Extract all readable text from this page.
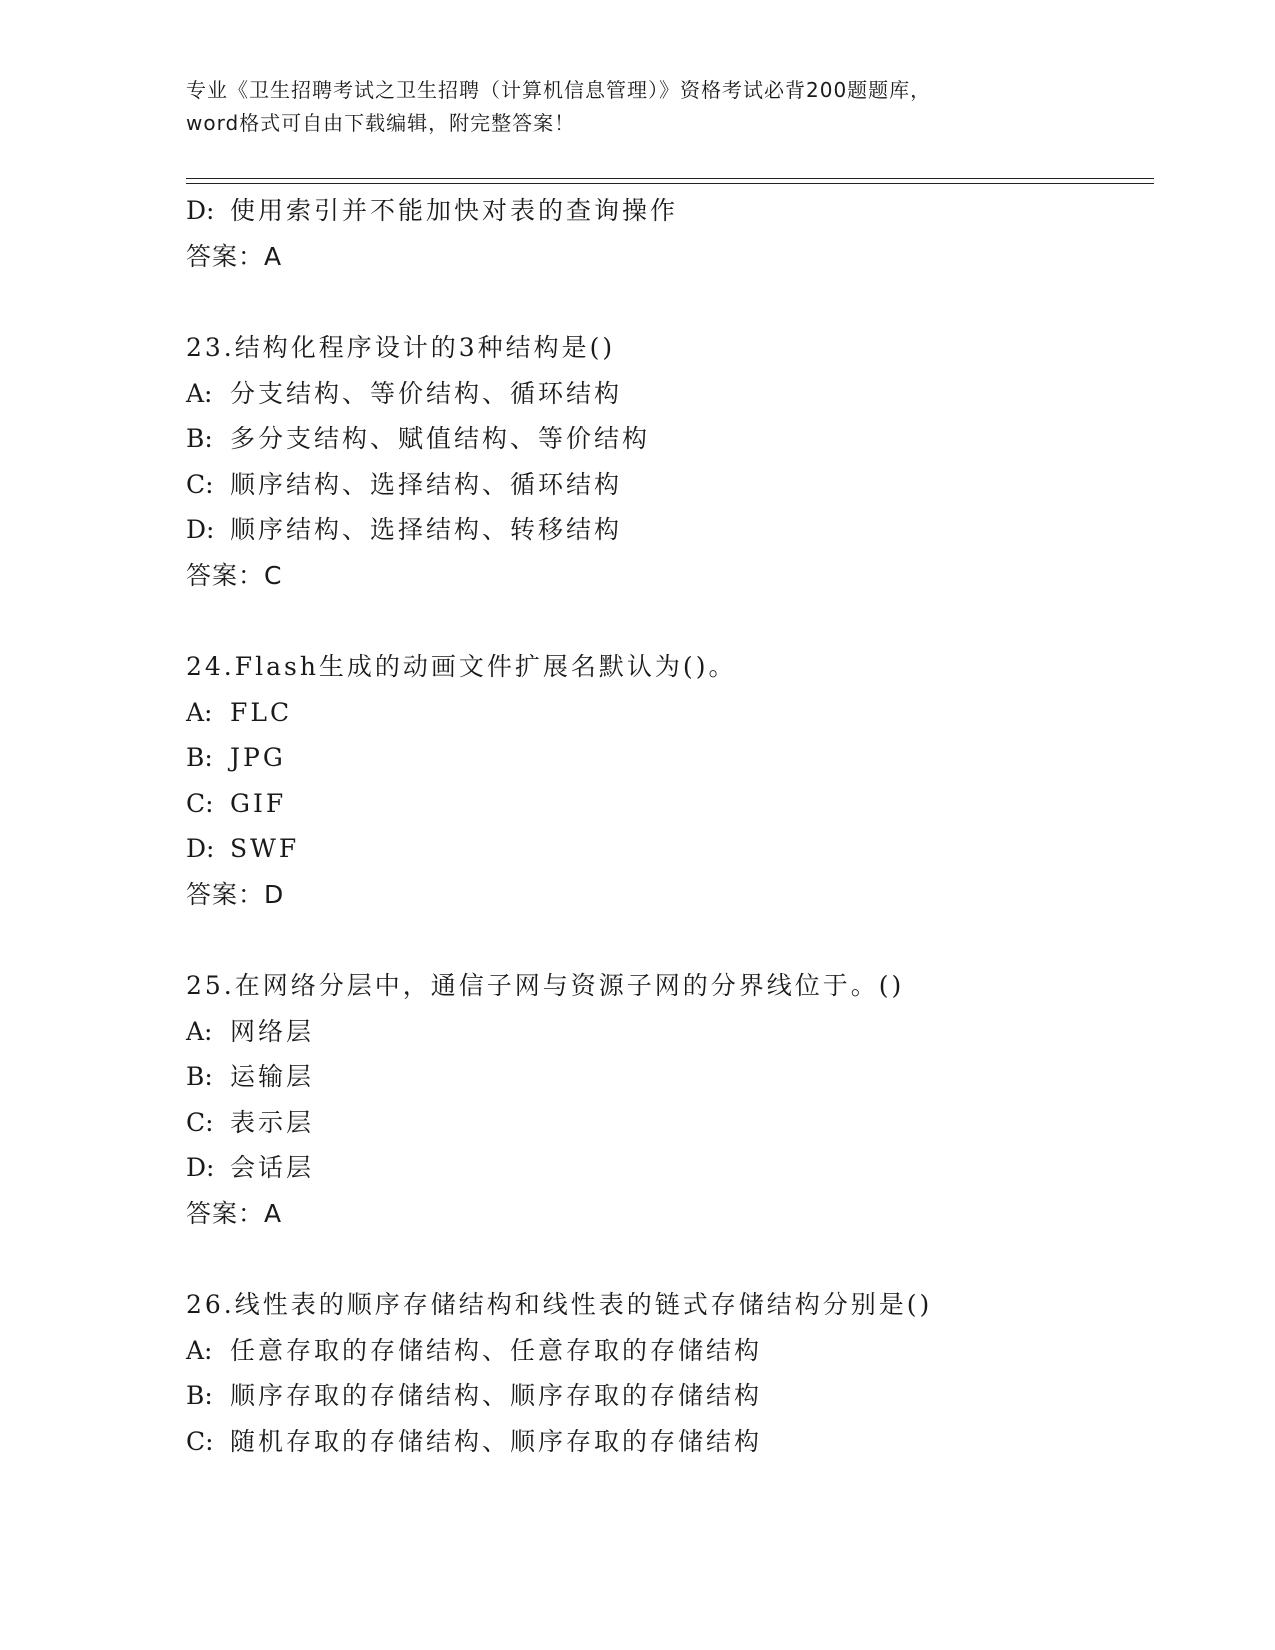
专业《卫生招聘考试之卫生招聘（计算机信息管理）》资格考试必背200题题库，
word格式可自由下载编辑，附完整答案！
D: 使用索引并不能加快对表的查询操作
答案：A
23.结构化程序设计的3种结构是()
A: 分支结构、等价结构、循环结构
B: 多分支结构、赋值结构、等价结构
C: 顺序结构、选择结构、循环结构
D: 顺序结构、选择结构、转移结构
答案：C
24.Flash生成的动画文件扩展名默认为()。
A: FLC
B: JPG
C: GIF
D: SWF
答案：D
25.在网络分层中，通信子网与资源子网的分界线位于。()
A: 网络层
B: 运输层
C: 表示层
D: 会话层
答案：A
26.线性表的顺序存储结构和线性表的链式存储结构分别是()
A: 任意存取的存储结构、任意存取的存储结构
B: 顺序存取的存储结构、顺序存取的存储结构
C: 随机存取的存储结构、顺序存取的存储结构
